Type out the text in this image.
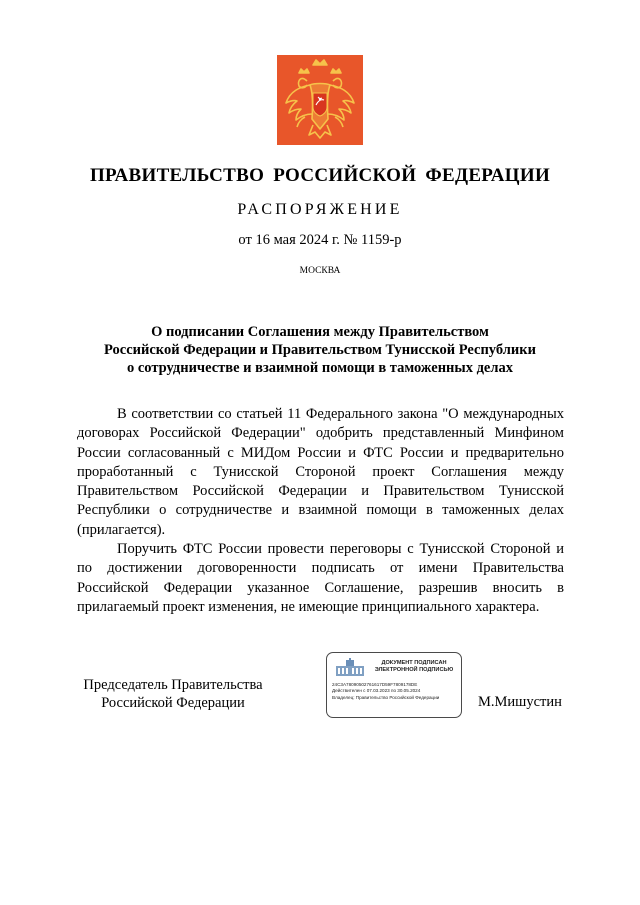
ПРАВИТЕЛЬСТВО РОССИЙСКОЙ ФЕДЕРАЦИИ
РАСПОРЯЖЕНИЕ
от 16 мая 2024 г. № 1159-р
МОСКВА
О подписании Соглашения между Правительством
Российской Федерации и Правительством Тунисской Республики
о сотрудничестве и взаимной помощи в таможенных делах

В соответствии со статьей 11 Федерального закона "О международных договорах Российской Федерации" одобрить представленный Минфином России согласованный с МИДом России и ФТС России и предварительно проработанный с Тунисской Стороной проект Соглашения между Правительством Российской Федерации и Правительством Тунисской Республики о сотрудничестве и взаимной помощи в таможенных делах (прилагается).

Поручить ФТС России провести переговоры с Тунисской Стороной и по достижении договоренности подписать от имени Правительства Российской Федерации указанное Соглашение, разрешив вносить в прилагаемый проект изменения, не имеющие принципиального характера.

Председатель Правительства
Российской Федерации
ДОКУМЕНТ ПОДПИСАН
ЭЛЕКТРОННОЙ ПОДПИСЬЮ
24C3A78090502761617D59F7809178DE
Действителен с 07.03.2023 по 30.05.2024
Владелец: Правительство Российской Федерации	М.Мишустин
